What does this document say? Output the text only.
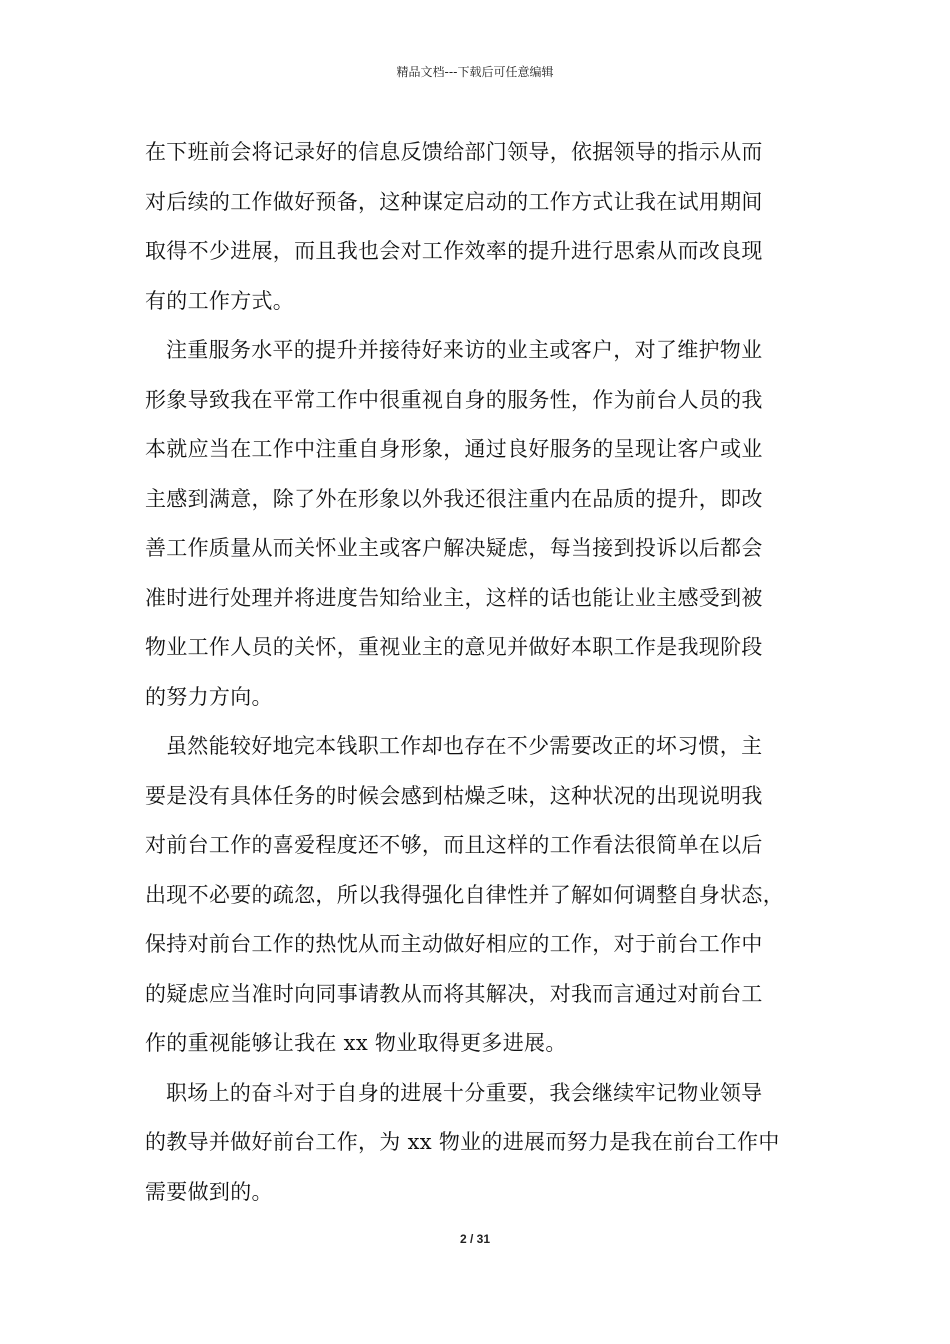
精品文档---下载后可任意编辑
在下班前会将记录好的信息反馈给部门领导，依据领导的指示从而
对后续的工作做好预备，这种谋定启动的工作方式让我在试用期间
取得不少进展，而且我也会对工作效率的提升进行思索从而改良现
有的工作方式。
注重服务水平的提升并接待好来访的业主或客户，对了维护物业
形象导致我在平常工作中很重视自身的服务性，作为前台人员的我
本就应当在工作中注重自身形象，通过良好服务的呈现让客户或业
主感到满意，除了外在形象以外我还很注重内在品质的提升，即改
善工作质量从而关怀业主或客户解决疑虑，每当接到投诉以后都会
准时进行处理并将进度告知给业主，这样的话也能让业主感受到被
物业工作人员的关怀，重视业主的意见并做好本职工作是我现阶段
的努力方向。
虽然能较好地完本钱职工作却也存在不少需要改正的坏习惯，主
要是没有具体任务的时候会感到枯燥乏味，这种状况的出现说明我
对前台工作的喜爱程度还不够，而且这样的工作看法很简单在以后
出现不必要的疏忽，所以我得强化自律性并了解如何调整自身状态，
保持对前台工作的热忱从而主动做好相应的工作，对于前台工作中
的疑虑应当准时向同事请教从而将其解决，对我而言通过对前台工
作的重视能够让我在 xx 物业取得更多进展。
职场上的奋斗对于自身的进展十分重要，我会继续牢记物业领导
的教导并做好前台工作，为 xx 物业的进展而努力是我在前台工作中
需要做到的。
2 / 31
